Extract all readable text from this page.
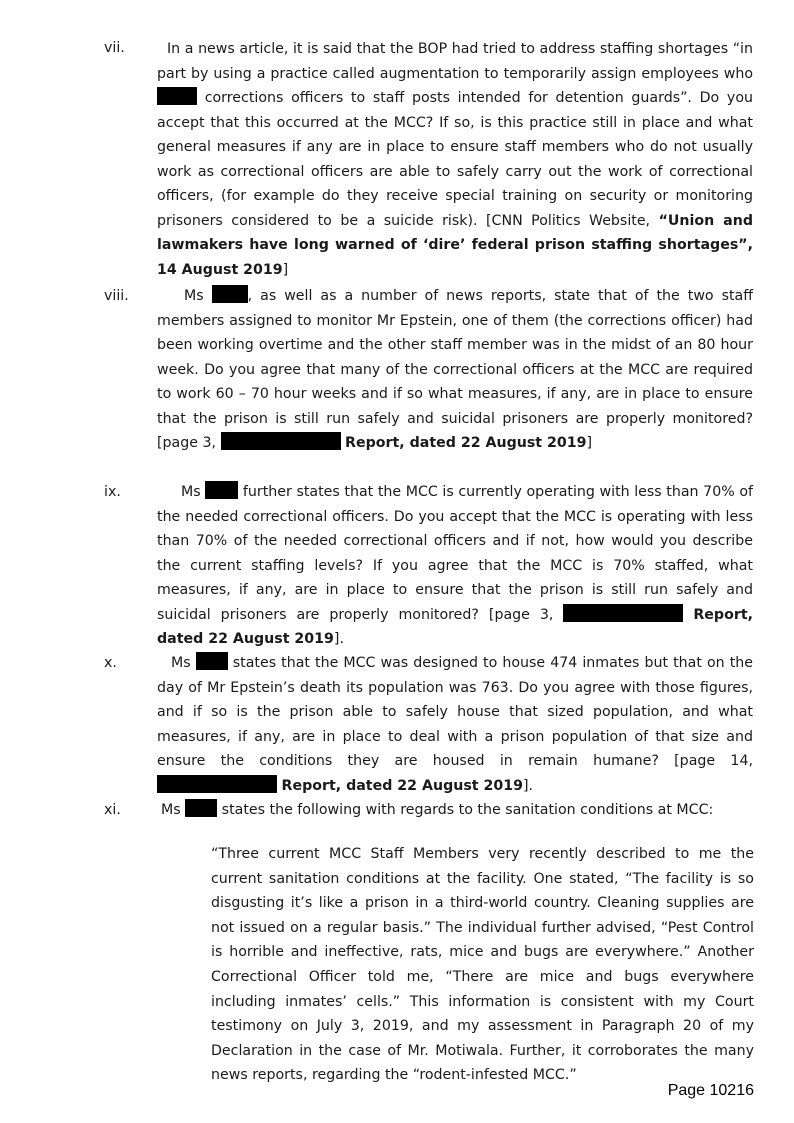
vii.	In a news article, it is said that the BOP had tried to address staffing shortages “in part by using a practice called augmentation to temporarily assign employees who  corrections officers to staff posts intended for detention guards”. Do you accept that this occurred at the MCC? If so, is this practice still in place and what general measures if any are in place to ensure staff members who do not usually work as correctional officers are able to safely carry out the work of correctional officers, (for example do they receive special training on security or monitoring prisoners considered to be a suicide risk). [CNN Politics Website, “Union and lawmakers have long warned of ‘dire’ federal prison staffing shortages”, 14 August 2019]
viii.	Ms	, as well as a number of news reports, state that of the two staff members assigned to monitor Mr Epstein, one of them (the corrections officer) had been working overtime and the other staff member was in the midst of an 80 hour week. Do you agree that many of the correctional officers at the MCC are required to work 60 – 70 hour weeks and if so what measures, if any, are in place to ensure that the prison is still run safely and suicidal prisoners are properly monitored? [page 3,	Report, dated 22 August 2019]
ix.	Ms	further states that the MCC is currently operating with less than 70% of the needed correctional officers. Do you accept that the MCC is operating with less than 70% of the needed correctional officers and if not, how would you describe the current staffing levels? If you agree that the MCC is 70% staffed, what measures, if any, are in place to ensure that the prison is still run safely and suicidal prisoners are properly monitored? [page 3,	Report, dated 22 August 2019].
x.	Ms	states that the MCC was designed to house 474 inmates but that on the day of Mr Epstein’s death its population was 763. Do you agree with those figures, and if so is the prison able to safely house that sized population, and what measures, if any, are in place to deal with a prison population of that size and ensure the conditions they are housed in remain humane? [page 14,  Report, dated 22 August 2019].
xi.	Ms	states the following with regards to the sanitation conditions at MCC:
“Three current MCC Staff Members very recently described to me the current sanitation conditions at the facility. One stated, “The facility is so disgusting it’s like a prison in a third-world country. Cleaning supplies are not issued on a regular basis.” The individual further advised, “Pest Control is horrible and ineffective, rats, mice and bugs are everywhere.” Another Correctional Officer told me, “There are mice and bugs everywhere including inmates’ cells.” This information is consistent with my Court testimony on July 3, 2019, and my assessment in Paragraph 20 of my Declaration in the case of Mr. Motiwala. Further, it corroborates the many news reports, regarding the “rodent-infested MCC.”
Page 10216
